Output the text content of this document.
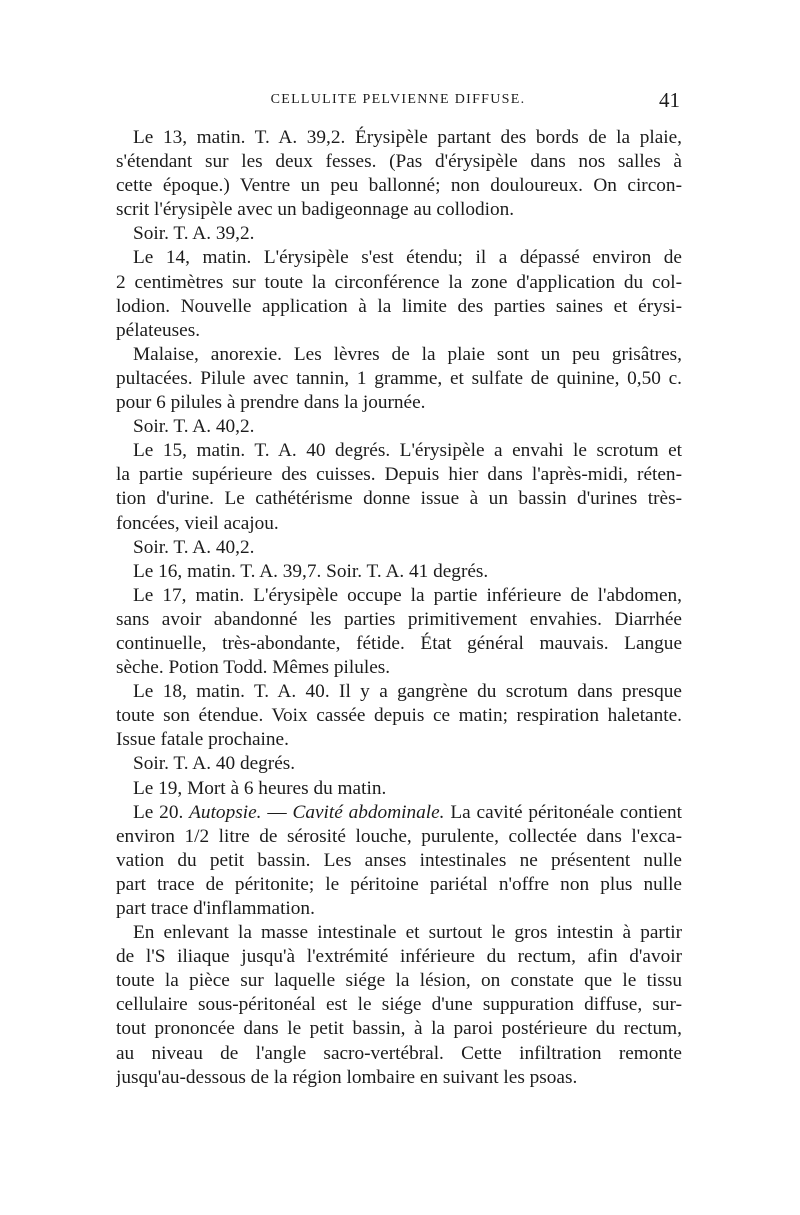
CELLULITE PELVIENNE DIFFUSE.	41
Le 13, matin. T. A. 39,2. Érysipèle partant des bords de la plaie,
s'étendant sur les deux fesses. (Pas d'érysipèle dans nos salles à
cette époque.) Ventre un peu ballonné; non douloureux. On circon-
scrit l'érysipèle avec un badigeonnage au collodion.
Soir. T. A. 39,2.
Le 14, matin. L'érysipèle s'est étendu; il a dépassé environ de
2 centimètres sur toute la circonférence la zone d'application du col-
lodion. Nouvelle application à la limite des parties saines et érysi-
pélateuses.
Malaise, anorexie. Les lèvres de la plaie sont un peu grisâtres,
pultacées. Pilule avec tannin, 1 gramme, et sulfate de quinine, 0,50 c.
pour 6 pilules à prendre dans la journée.
Soir. T. A. 40,2.
Le 15, matin. T. A. 40 degrés. L'érysipèle a envahi le scrotum et
la partie supérieure des cuisses. Depuis hier dans l'après-midi, réten-
tion d'urine. Le cathétérisme donne issue à un bassin d'urines très-
foncées, vieil acajou.
Soir. T. A. 40,2.
Le 16, matin. T. A. 39,7. Soir. T. A. 41 degrés.
Le 17, matin. L'érysipèle occupe la partie inférieure de l'abdomen,
sans avoir abandonné les parties primitivement envahies. Diarrhée
continuelle, très-abondante, fétide. État général mauvais. Langue
sèche. Potion Todd. Mêmes pilules.
Le 18, matin. T. A. 40. Il y a gangrène du scrotum dans presque
toute son étendue. Voix cassée depuis ce matin; respiration haletante.
Issue fatale prochaine.
Soir. T. A. 40 degrés.
Le 19, Mort à 6 heures du matin.
Le 20. Autopsie. — Cavité abdominale. La cavité péritonéale contient
environ 1/2 litre de sérosité louche, purulente, collectée dans l'exca-
vation du petit bassin. Les anses intestinales ne présentent nulle
part trace de péritonite; le péritoine pariétal n'offre non plus nulle
part trace d'inflammation.
En enlevant la masse intestinale et surtout le gros intestin à partir
de l'S iliaque jusqu'à l'extrémité inférieure du rectum, afin d'avoir
toute la pièce sur laquelle siége la lésion, on constate que le tissu
cellulaire sous-péritonéal est le siége d'une suppuration diffuse, sur-
tout prononcée dans le petit bassin, à la paroi postérieure du rectum,
au niveau de l'angle sacro-vertébral. Cette infiltration remonte
jusqu'au-dessous de la région lombaire en suivant les psoas.
